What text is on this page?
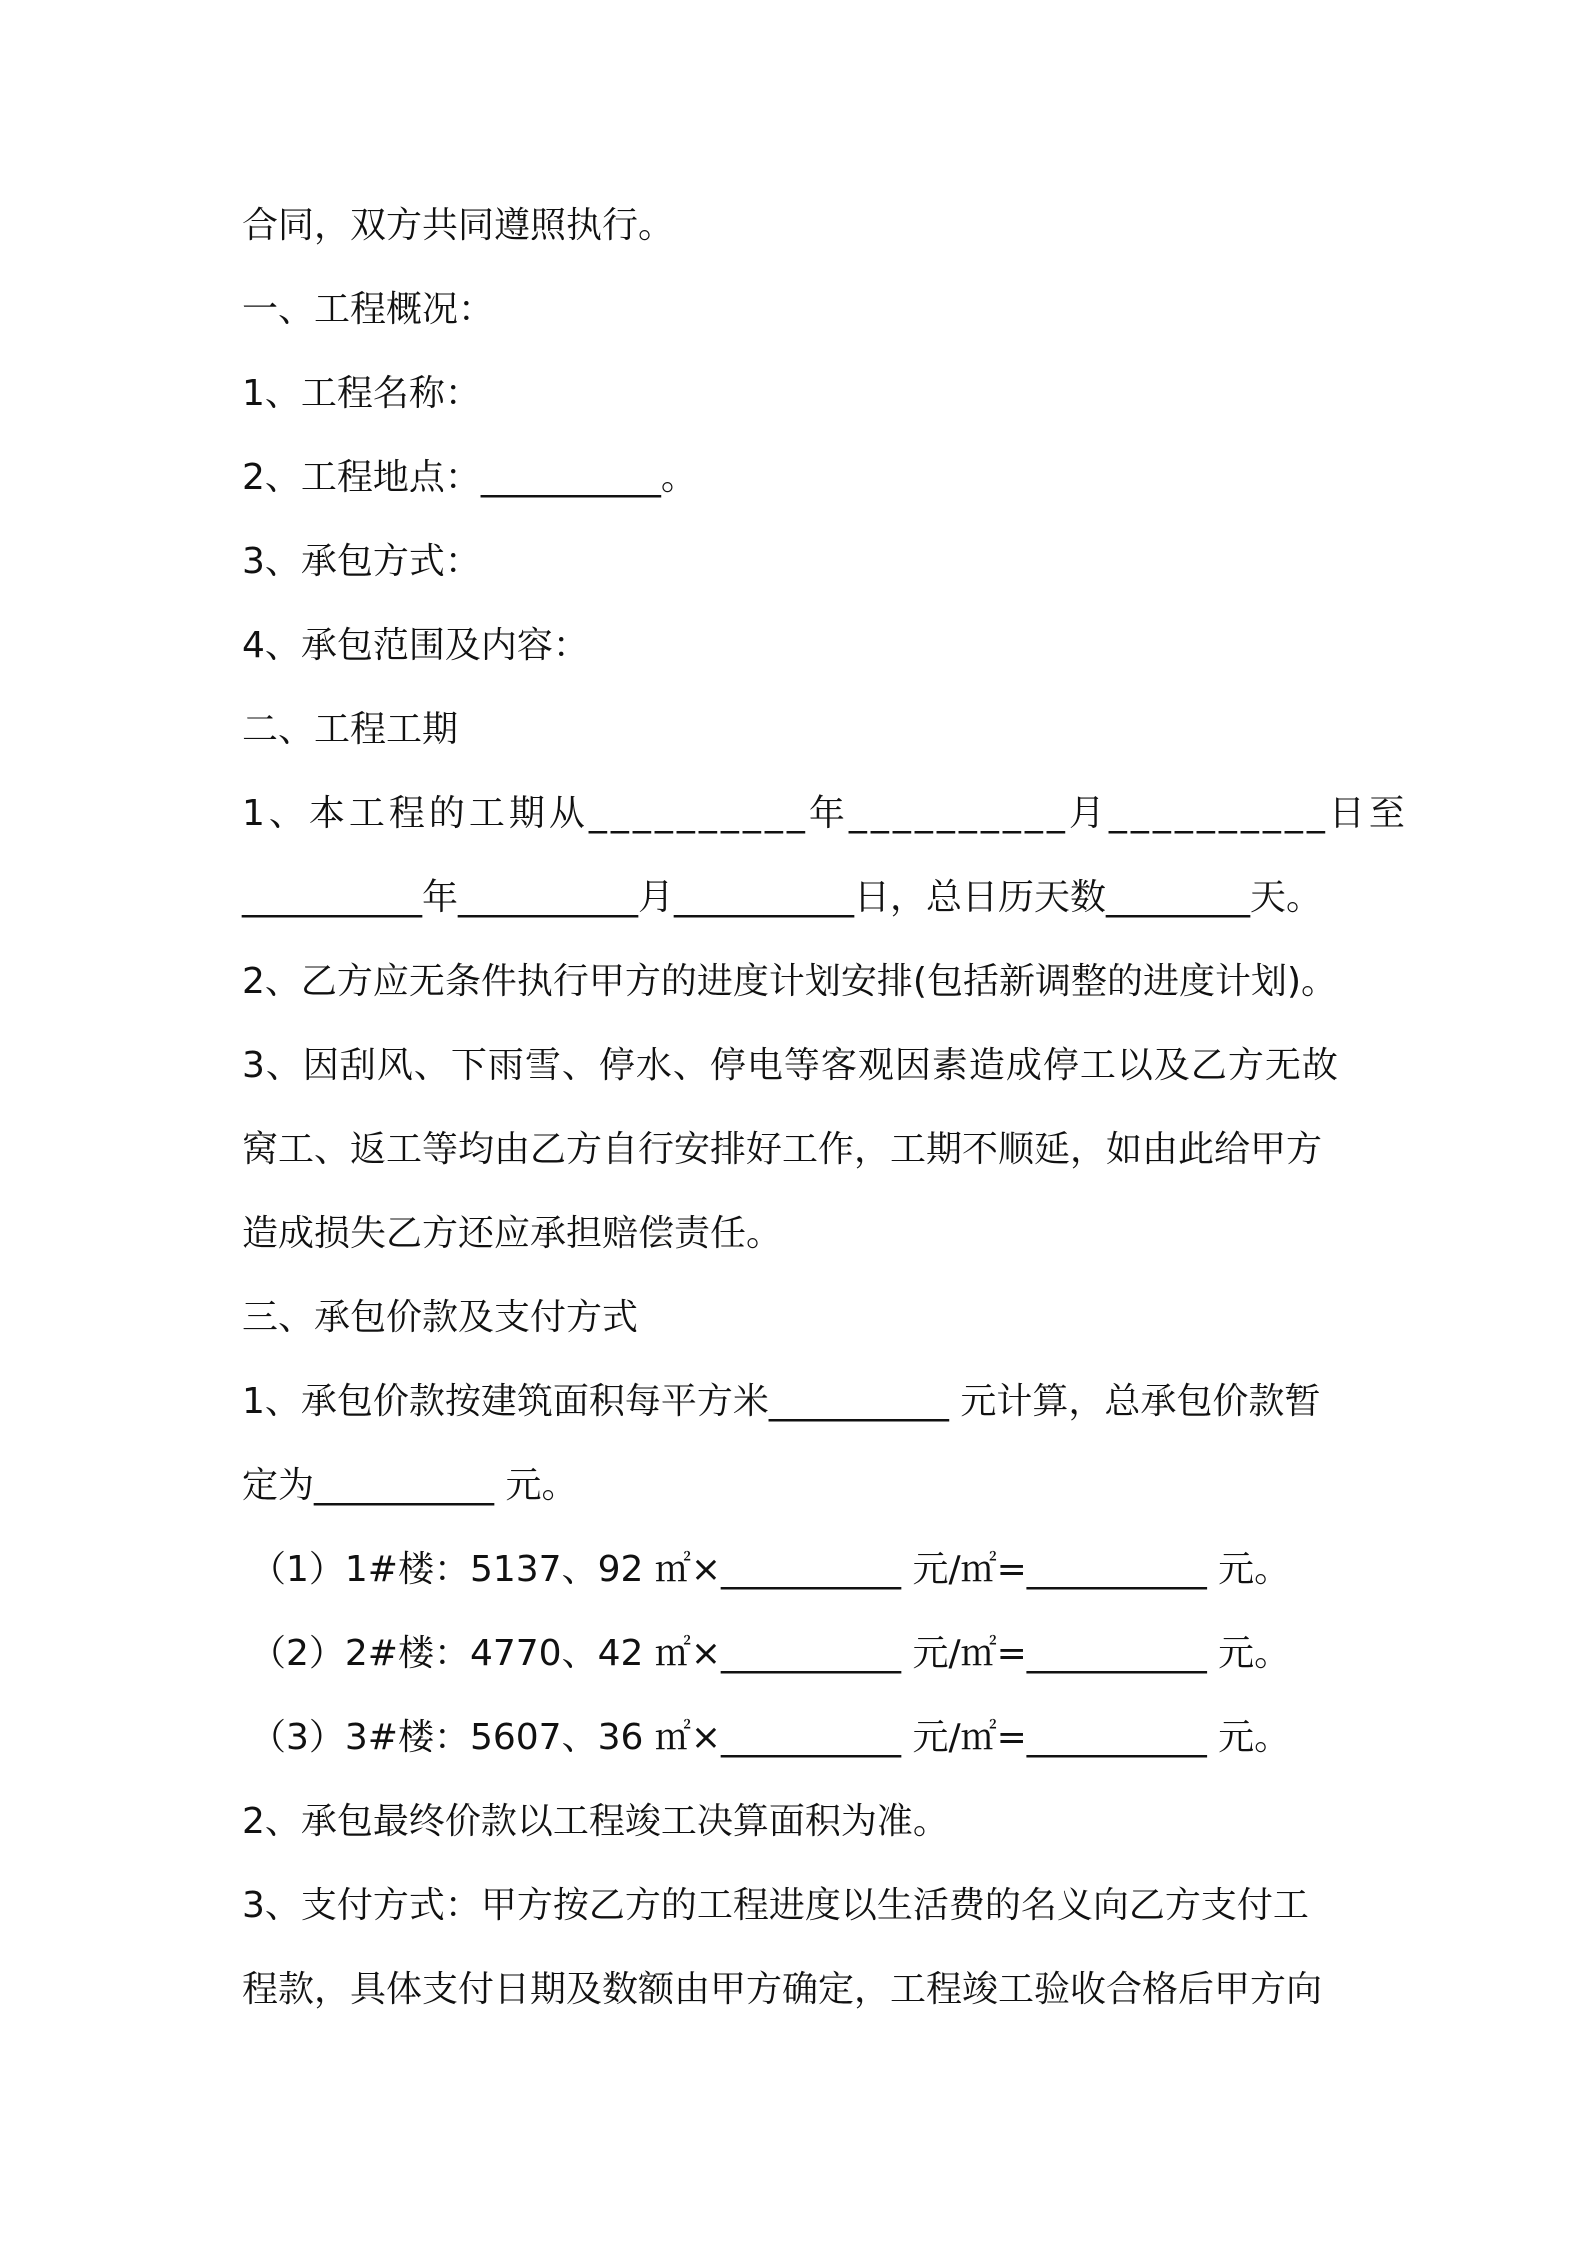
合同，双方共同遵照执行。
一、工程概况：
1、工程名称：
2、工程地点：__________。
3、承包方式：
4、承包范围及内容：
二、工程工期
1、本工程的工期从__________年__________月__________日至
__________年__________月__________日，总日历天数________天。
2、乙方应无条件执行甲方的进度计划安排(包括新调整的进度计划)。
3、因刮风、下雨雪、停水、停电等客观因素造成停工以及乙方无故
窝工、返工等均由乙方自行安排好工作，工期不顺延，如由此给甲方
造成损失乙方还应承担赔偿责任。
三、承包价款及支付方式
1、承包价款按建筑面积每平方米__________ 元计算，总承包价款暂
定为__________ 元。
（1）1#楼：5137、92 ㎡×__________ 元/㎡=__________ 元。
（2）2#楼：4770、42 ㎡×__________ 元/㎡=__________ 元。
（3）3#楼：5607、36 ㎡×__________ 元/㎡=__________ 元。
2、承包最终价款以工程竣工决算面积为准。
3、支付方式：甲方按乙方的工程进度以生活费的名义向乙方支付工
程款，具体支付日期及数额由甲方确定，工程竣工验收合格后甲方向
